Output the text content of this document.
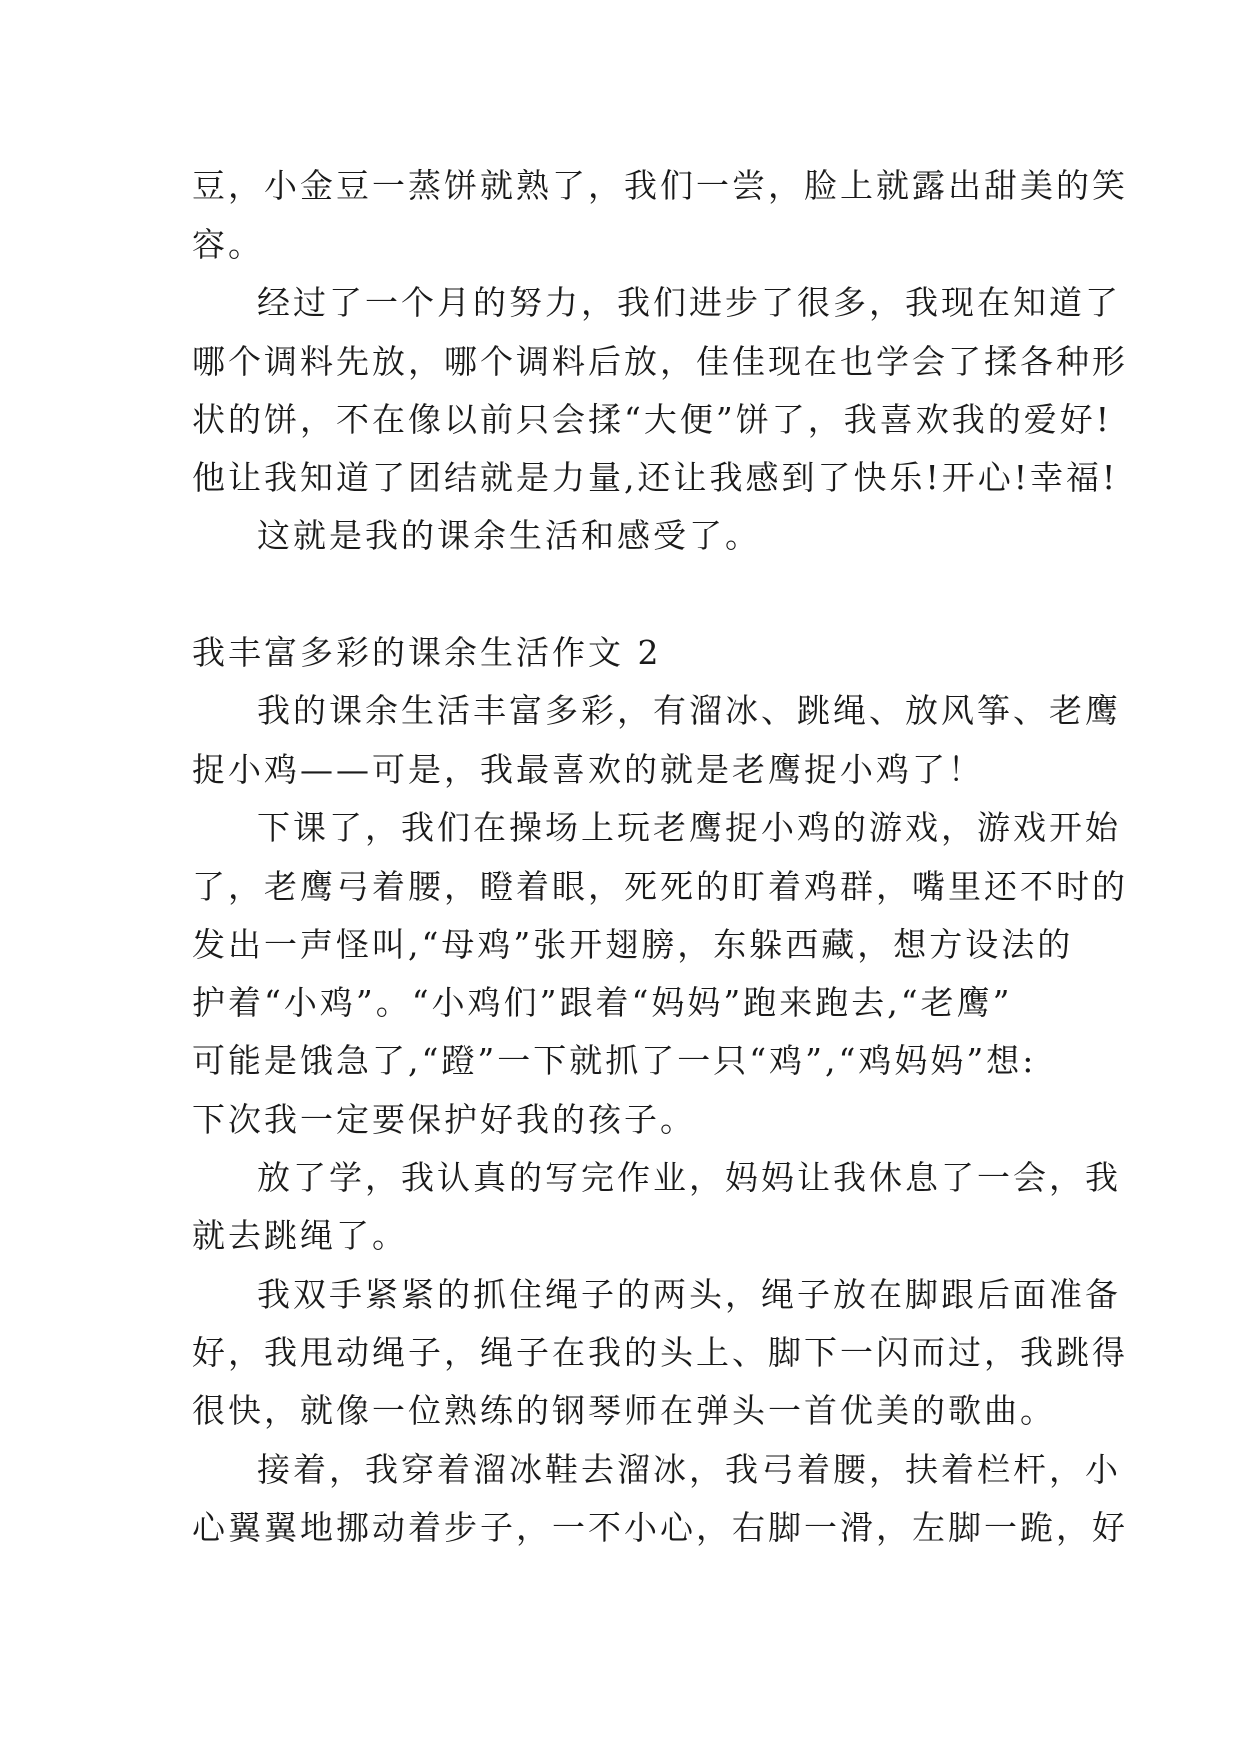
豆，小金豆一蒸饼就熟了，我们一尝，脸上就露出甜美的笑
容。
经过了一个月的努力，我们进步了很多，我现在知道了
哪个调料先放，哪个调料后放，佳佳现在也学会了揉各种形
状的饼，不在像以前只会揉“大便”饼了，我喜欢我的爱好!
他让我知道了团结就是力量,还让我感到了快乐!开心!幸福!
这就是我的课余生活和感受了。
我丰富多彩的课余生活作文 2
我的课余生活丰富多彩，有溜冰、跳绳、放风筝、老鹰
捉小鸡——可是，我最喜欢的就是老鹰捉小鸡了！
下课了，我们在操场上玩老鹰捉小鸡的游戏，游戏开始
了，老鹰弓着腰，瞪着眼，死死的盯着鸡群，嘴里还不时的
发出一声怪叫,“母鸡”张开翅膀，东躲西藏，想方设法的
护着“小鸡”。“小鸡们”跟着“妈妈”跑来跑去,“老鹰”
可能是饿急了,“蹬”一下就抓了一只“鸡”,“鸡妈妈”想:
下次我一定要保护好我的孩子。
放了学，我认真的写完作业，妈妈让我休息了一会，我
就去跳绳了。
我双手紧紧的抓住绳子的两头，绳子放在脚跟后面准备
好，我甩动绳子，绳子在我的头上、脚下一闪而过，我跳得
很快，就像一位熟练的钢琴师在弹头一首优美的歌曲。
接着，我穿着溜冰鞋去溜冰，我弓着腰，扶着栏杆，小
心翼翼地挪动着步子，一不小心，右脚一滑，左脚一跪，好
